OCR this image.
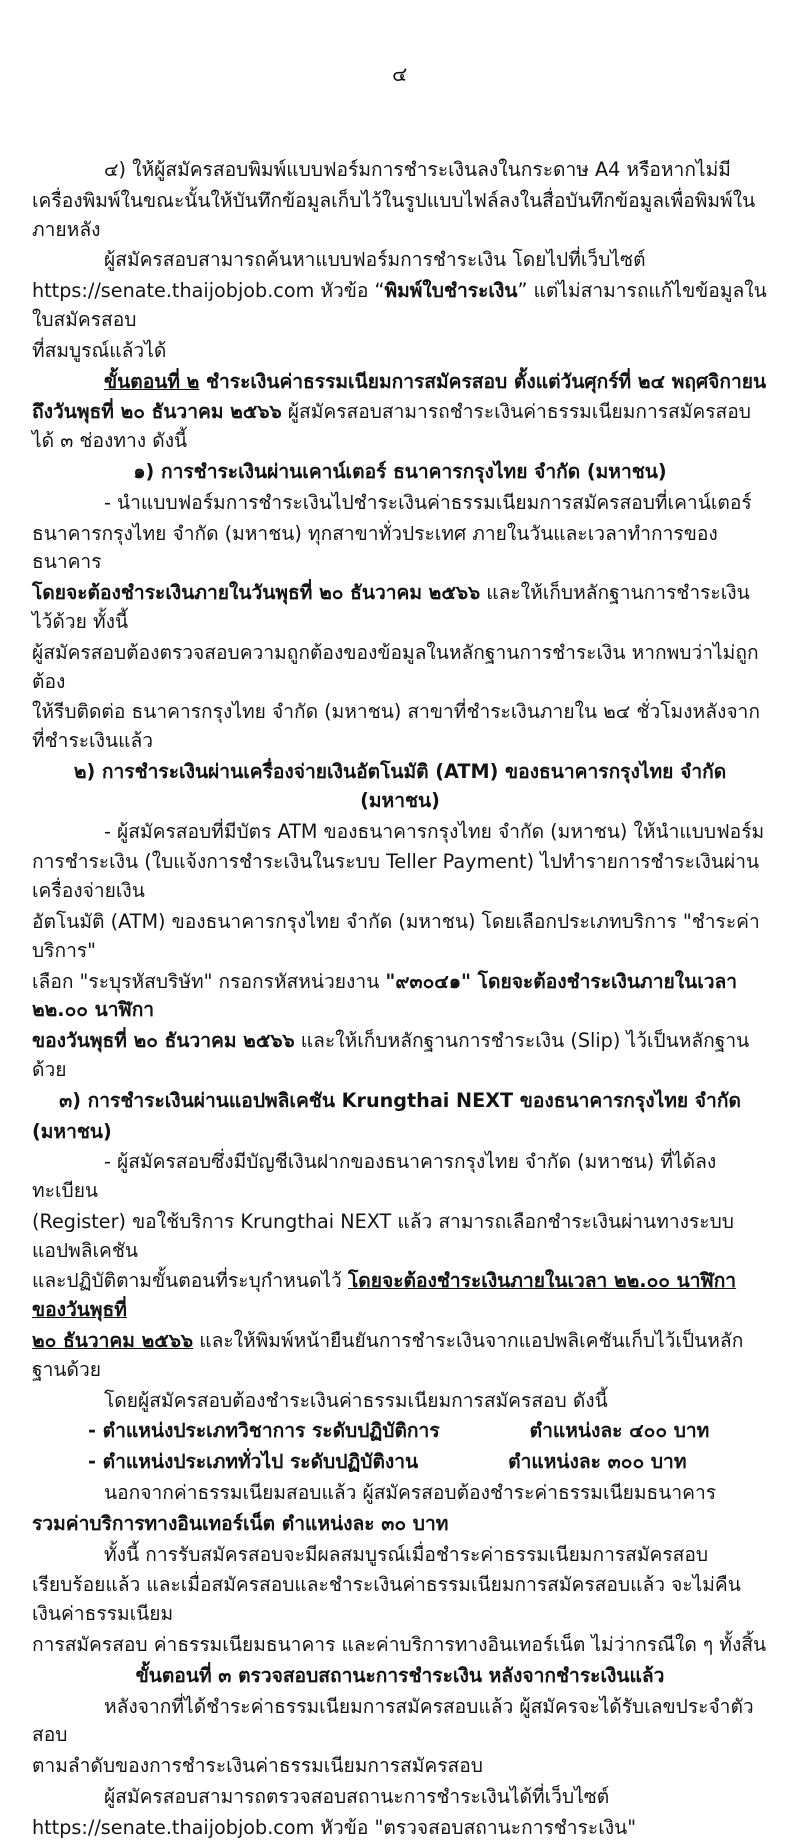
๔

๔) ให้ผู้สมัครสอบพิมพ์แบบฟอร์มการชำระเงินลงในกระดาษ A4 หรือหากไม่มี

เครื่องพิมพ์ในขณะนั้นให้บันทึกข้อมูลเก็บไว้ในรูปแบบไฟล์ลงในสื่อบันทึกข้อมูลเพื่อพิมพ์ในภายหลัง

ผู้สมัครสอบสามารถค้นหาแบบฟอร์มการชำระเงิน โดยไปที่เว็บไซต์

https://senate.thaijobjob.com หัวข้อ “พิมพ์ใบชำระเงิน” แต่ไม่สามารถแก้ไขข้อมูลในใบสมัครสอบ

ที่สมบูรณ์แล้วได้

ขั้นตอนที่ ๒ ชำระเงินค่าธรรมเนียมการสมัครสอบ ตั้งแต่วันศุกร์ที่ ๒๔ พฤศจิกายน

ถึงวันพุธที่ ๒๐ ธันวาคม ๒๕๖๖ ผู้สมัครสอบสามารถชำระเงินค่าธรรมเนียมการสมัครสอบได้ ๓ ช่องทาง ดังนี้

๑) การชำระเงินผ่านเคาน์เตอร์ ธนาคารกรุงไทย จำกัด (มหาชน)

- นำแบบฟอร์มการชำระเงินไปชำระเงินค่าธรรมเนียมการสมัครสอบที่เคาน์เตอร์

ธนาคารกรุงไทย จำกัด (มหาชน) ทุกสาขาทั่วประเทศ ภายในวันและเวลาทำการของธนาคาร

โดยจะต้องชำระเงินภายในวันพุธที่ ๒๐ ธันวาคม ๒๕๖๖ และให้เก็บหลักฐานการชำระเงินไว้ด้วย ทั้งนี้

ผู้สมัครสอบต้องตรวจสอบความถูกต้องของข้อมูลในหลักฐานการชำระเงิน หากพบว่าไม่ถูกต้อง

ให้รีบติดต่อ ธนาคารกรุงไทย จำกัด (มหาชน) สาขาที่ชำระเงินภายใน ๒๔ ชั่วโมงหลังจากที่ชำระเงินแล้ว

๒) การชำระเงินผ่านเครื่องจ่ายเงินอัตโนมัติ (ATM) ของธนาคารกรุงไทย จำกัด (มหาชน)

- ผู้สมัครสอบที่มีบัตร ATM ของธนาคารกรุงไทย จำกัด (มหาชน) ให้นำแบบฟอร์ม

การชำระเงิน (ใบแจ้งการชำระเงินในระบบ Teller Payment) ไปทำรายการชำระเงินผ่านเครื่องจ่ายเงิน

อัตโนมัติ (ATM) ของธนาคารกรุงไทย จำกัด (มหาชน) โดยเลือกประเภทบริการ "ชำระค่าบริการ"

เลือก "ระบุรหัสบริษัท" กรอกรหัสหน่วยงาน "๙๓๐๔๑" โดยจะต้องชำระเงินภายในเวลา ๒๒.๐๐ นาฬิกา

ของวันพุธที่ ๒๐ ธันวาคม ๒๕๖๖ และให้เก็บหลักฐานการชำระเงิน (Slip) ไว้เป็นหลักฐานด้วย

๓) การชำระเงินผ่านแอปพลิเคชัน Krungthai NEXT ของธนาคารกรุงไทย จำกัด

(มหาชน)

- ผู้สมัครสอบซึ่งมีบัญชีเงินฝากของธนาคารกรุงไทย จำกัด (มหาชน) ที่ได้ลงทะเบียน

(Register) ขอใช้บริการ Krungthai NEXT แล้ว สามารถเลือกชำระเงินผ่านทางระบบแอปพลิเคชัน

และปฏิบัติตามขั้นตอนที่ระบุกำหนดไว้ โดยจะต้องชำระเงินภายในเวลา ๒๒.๐๐ นาฬิกา ของวันพุธที่

๒๐ ธันวาคม ๒๕๖๖ และให้พิมพ์หน้ายืนยันการชำระเงินจากแอปพลิเคชันเก็บไว้เป็นหลักฐานด้วย

โดยผู้สมัครสอบต้องชำระเงินค่าธรรมเนียมการสมัครสอบ ดังนี้

- ตำแหน่งประเภทวิชาการ ระดับปฏิบัติการ	ตำแหน่งละ ๔๐๐ บาท

- ตำแหน่งประเภททั่วไป ระดับปฏิบัติงาน	ตำแหน่งละ ๓๐๐ บาท

นอกจากค่าธรรมเนียมสอบแล้ว ผู้สมัครสอบต้องชำระค่าธรรมเนียมธนาคาร

รวมค่าบริการทางอินเทอร์เน็ต ตำแหน่งละ ๓๐ บาท

ทั้งนี้ การรับสมัครสอบจะมีผลสมบูรณ์เมื่อชำระค่าธรรมเนียมการสมัครสอบ

เรียบร้อยแล้ว และเมื่อสมัครสอบและชำระเงินค่าธรรมเนียมการสมัครสอบแล้ว จะไม่คืนเงินค่าธรรมเนียม

การสมัครสอบ ค่าธรรมเนียมธนาคาร และค่าบริการทางอินเทอร์เน็ต ไม่ว่ากรณีใด ๆ ทั้งสิ้น

ขั้นตอนที่ ๓ ตรวจสอบสถานะการชำระเงิน หลังจากชำระเงินแล้ว

หลังจากที่ได้ชำระค่าธรรมเนียมการสมัครสอบแล้ว ผู้สมัครจะได้รับเลขประจำตัวสอบ

ตามลำดับของการชำระเงินค่าธรรมเนียมการสมัครสอบ

ผู้สมัครสอบสามารถตรวจสอบสถานะการชำระเงินได้ที่เว็บไซต์

https://senate.thaijobjob.com หัวข้อ "ตรวจสอบสถานะการชำระเงิน"
